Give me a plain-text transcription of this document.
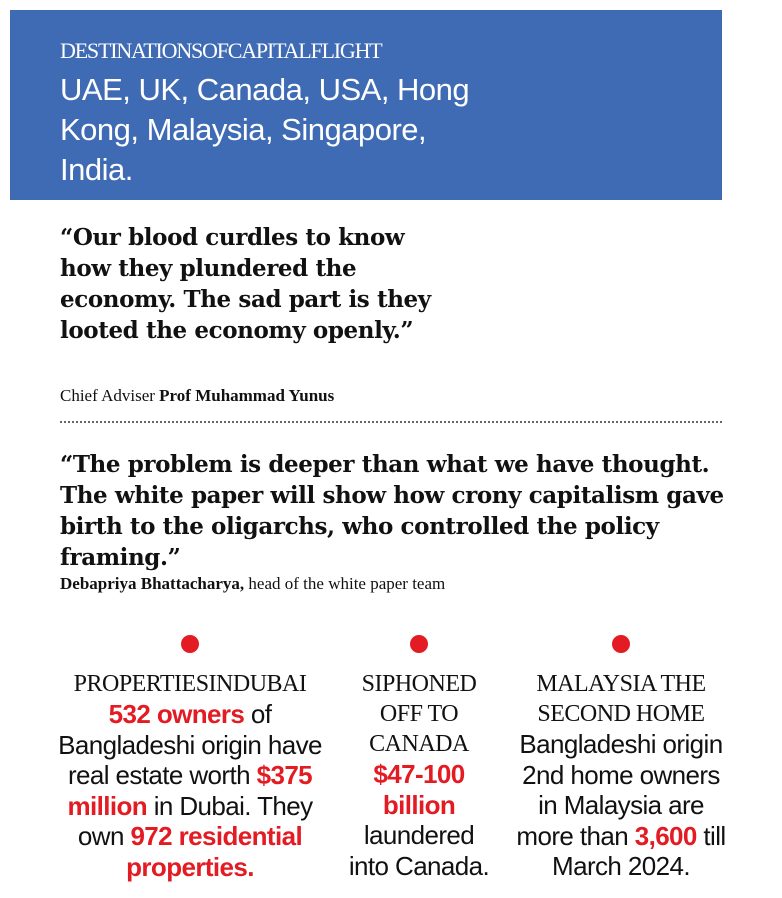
DESTINATIONSOFCAPITALFLIGHT
UAE, UK, Canada, USA, Hong Kong, Malaysia, Singapore, India.
“Our blood curdles to know how they plundered the economy. The sad part is they looted the economy openly.”
Chief Adviser Prof Muhammad Yunus
“The problem is deeper than what we have thought. The white paper will show how crony capitalism gave birth to the oligarchs, who controlled the policy framing.”
Debapriya Bhattacharya, head of the white paper team
PROPERTIESINDUBAI
532 owners of Bangladeshi origin have real estate worth $375 million in Dubai. They own 972 residential properties.
SIPHONED OFF TO CANADA
$47-100 billion laundered into Canada.
MALAYSIA THE SECOND HOME
Bangladeshi origin 2nd home owners in Malaysia are more than 3,600 till March 2024.
